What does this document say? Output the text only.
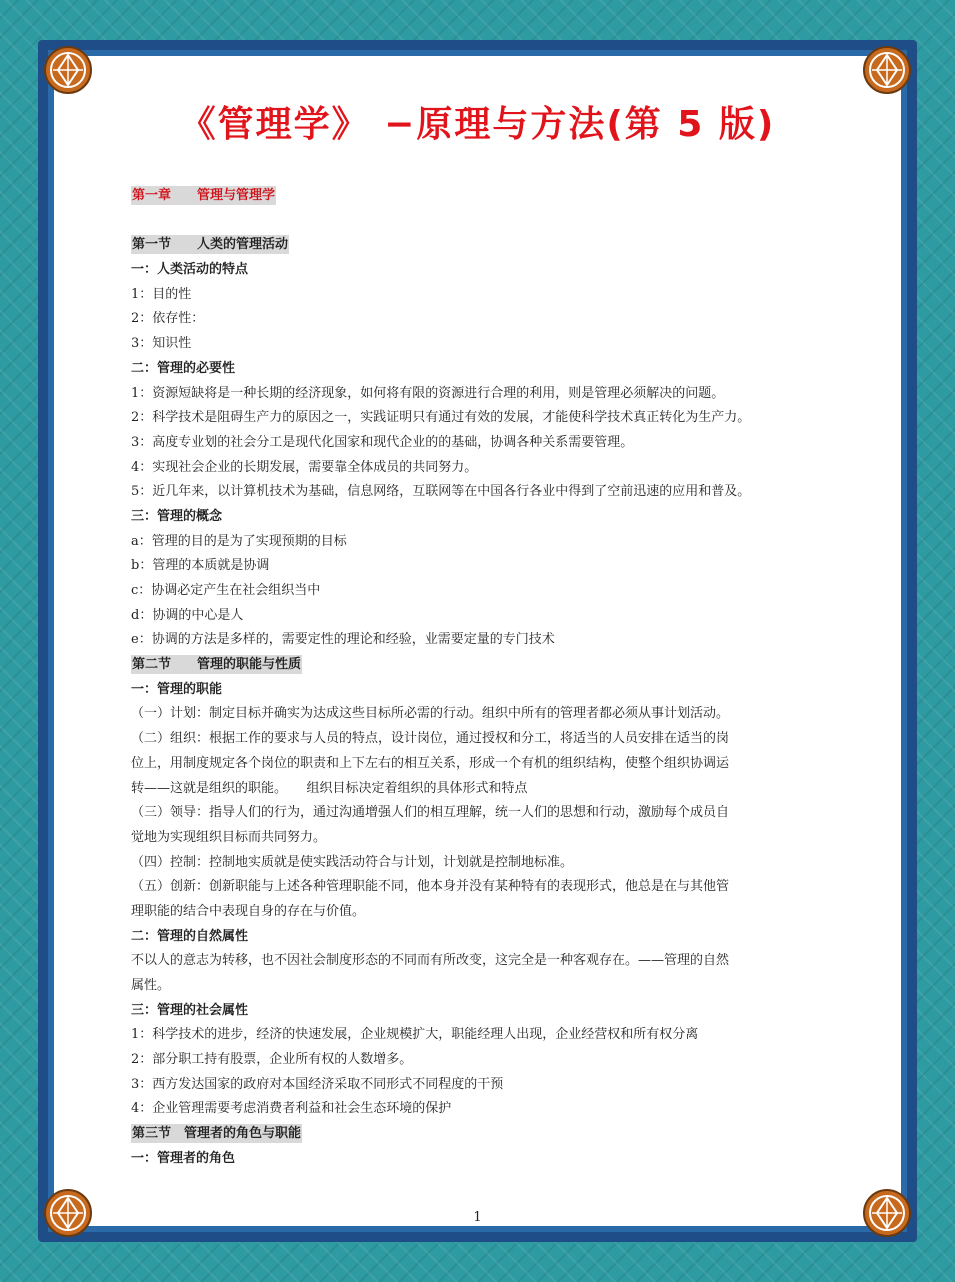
《管理学》 −原理与方法(第 5 版)
第一章　　 管理与管理学
第一节　　 人类的管理活动
一：人类活动的特点
1：目的性
2：依存性：
3：知识性
二：管理的必要性
1：资源短缺将是一种长期的经济现象，如何将有限的资源进行合理的利用，则是管理必须解决的问题。
2：科学技术是阻碍生产力的原因之一，实践证明只有通过有效的发展，才能使科学技术真正转化为生产力。
3：高度专业划的社会分工是现代化国家和现代企业的的基础，协调各种关系需要管理。
4：实现社会企业的长期发展，需要靠全体成员的共同努力。
5：近几年来，以计算机技术为基础，信息网络，互联网等在中国各行各业中得到了空前迅速的应用和普及。
三：管理的概念
a：管理的目的是为了实现预期的目标
b：管理的本质就是协调
c：协调必定产生在社会组织当中
d：协调的中心是人
e：协调的方法是多样的，需要定性的理论和经验，业需要定量的专门技术
第二节　　 管理的职能与性质
一：管理的职能
（一）计划：制定目标并确实为达成这些目标所必需的行动。组织中所有的管理者都必须从事计划活动。
（二）组织：根据工作的要求与人员的特点，设计岗位，通过授权和分工，将适当的人员安排在适当的岗
位上，用制度规定各个岗位的职责和上下左右的相互关系，形成一个有机的组织结构，使整个组织协调运
转——这就是组织的职能。　　组织目标决定着组织的具体形式和特点
（三）领导：指导人们的行为，通过沟通增强人们的相互理解，统一人们的思想和行动，激励每个成员自
觉地为实现组织目标而共同努力。
（四）控制：控制地实质就是使实践活动符合与计划，计划就是控制地标准。
（五）创新：创新职能与上述各种管理职能不同，他本身并没有某种特有的表现形式，他总是在与其他管
理职能的结合中表现自身的存在与价值。
二：管理的自然属性
不以人的意志为转移，也不因社会制度形态的不同而有所改变，这完全是一种客观存在。——管理的自然
属性。
三：管理的社会属性
1：科学技术的进步，经济的快速发展，企业规模扩大，职能经理人出现，企业经营权和所有权分离
2：部分职工持有股票，企业所有权的人数增多。
3：西方发达国家的政府对本国经济采取不同形式不同程度的干预
4：企业管理需要考虑消费者利益和社会生态环境的保护
第三节　 管理者的角色与职能
一：管理者的角色
1
